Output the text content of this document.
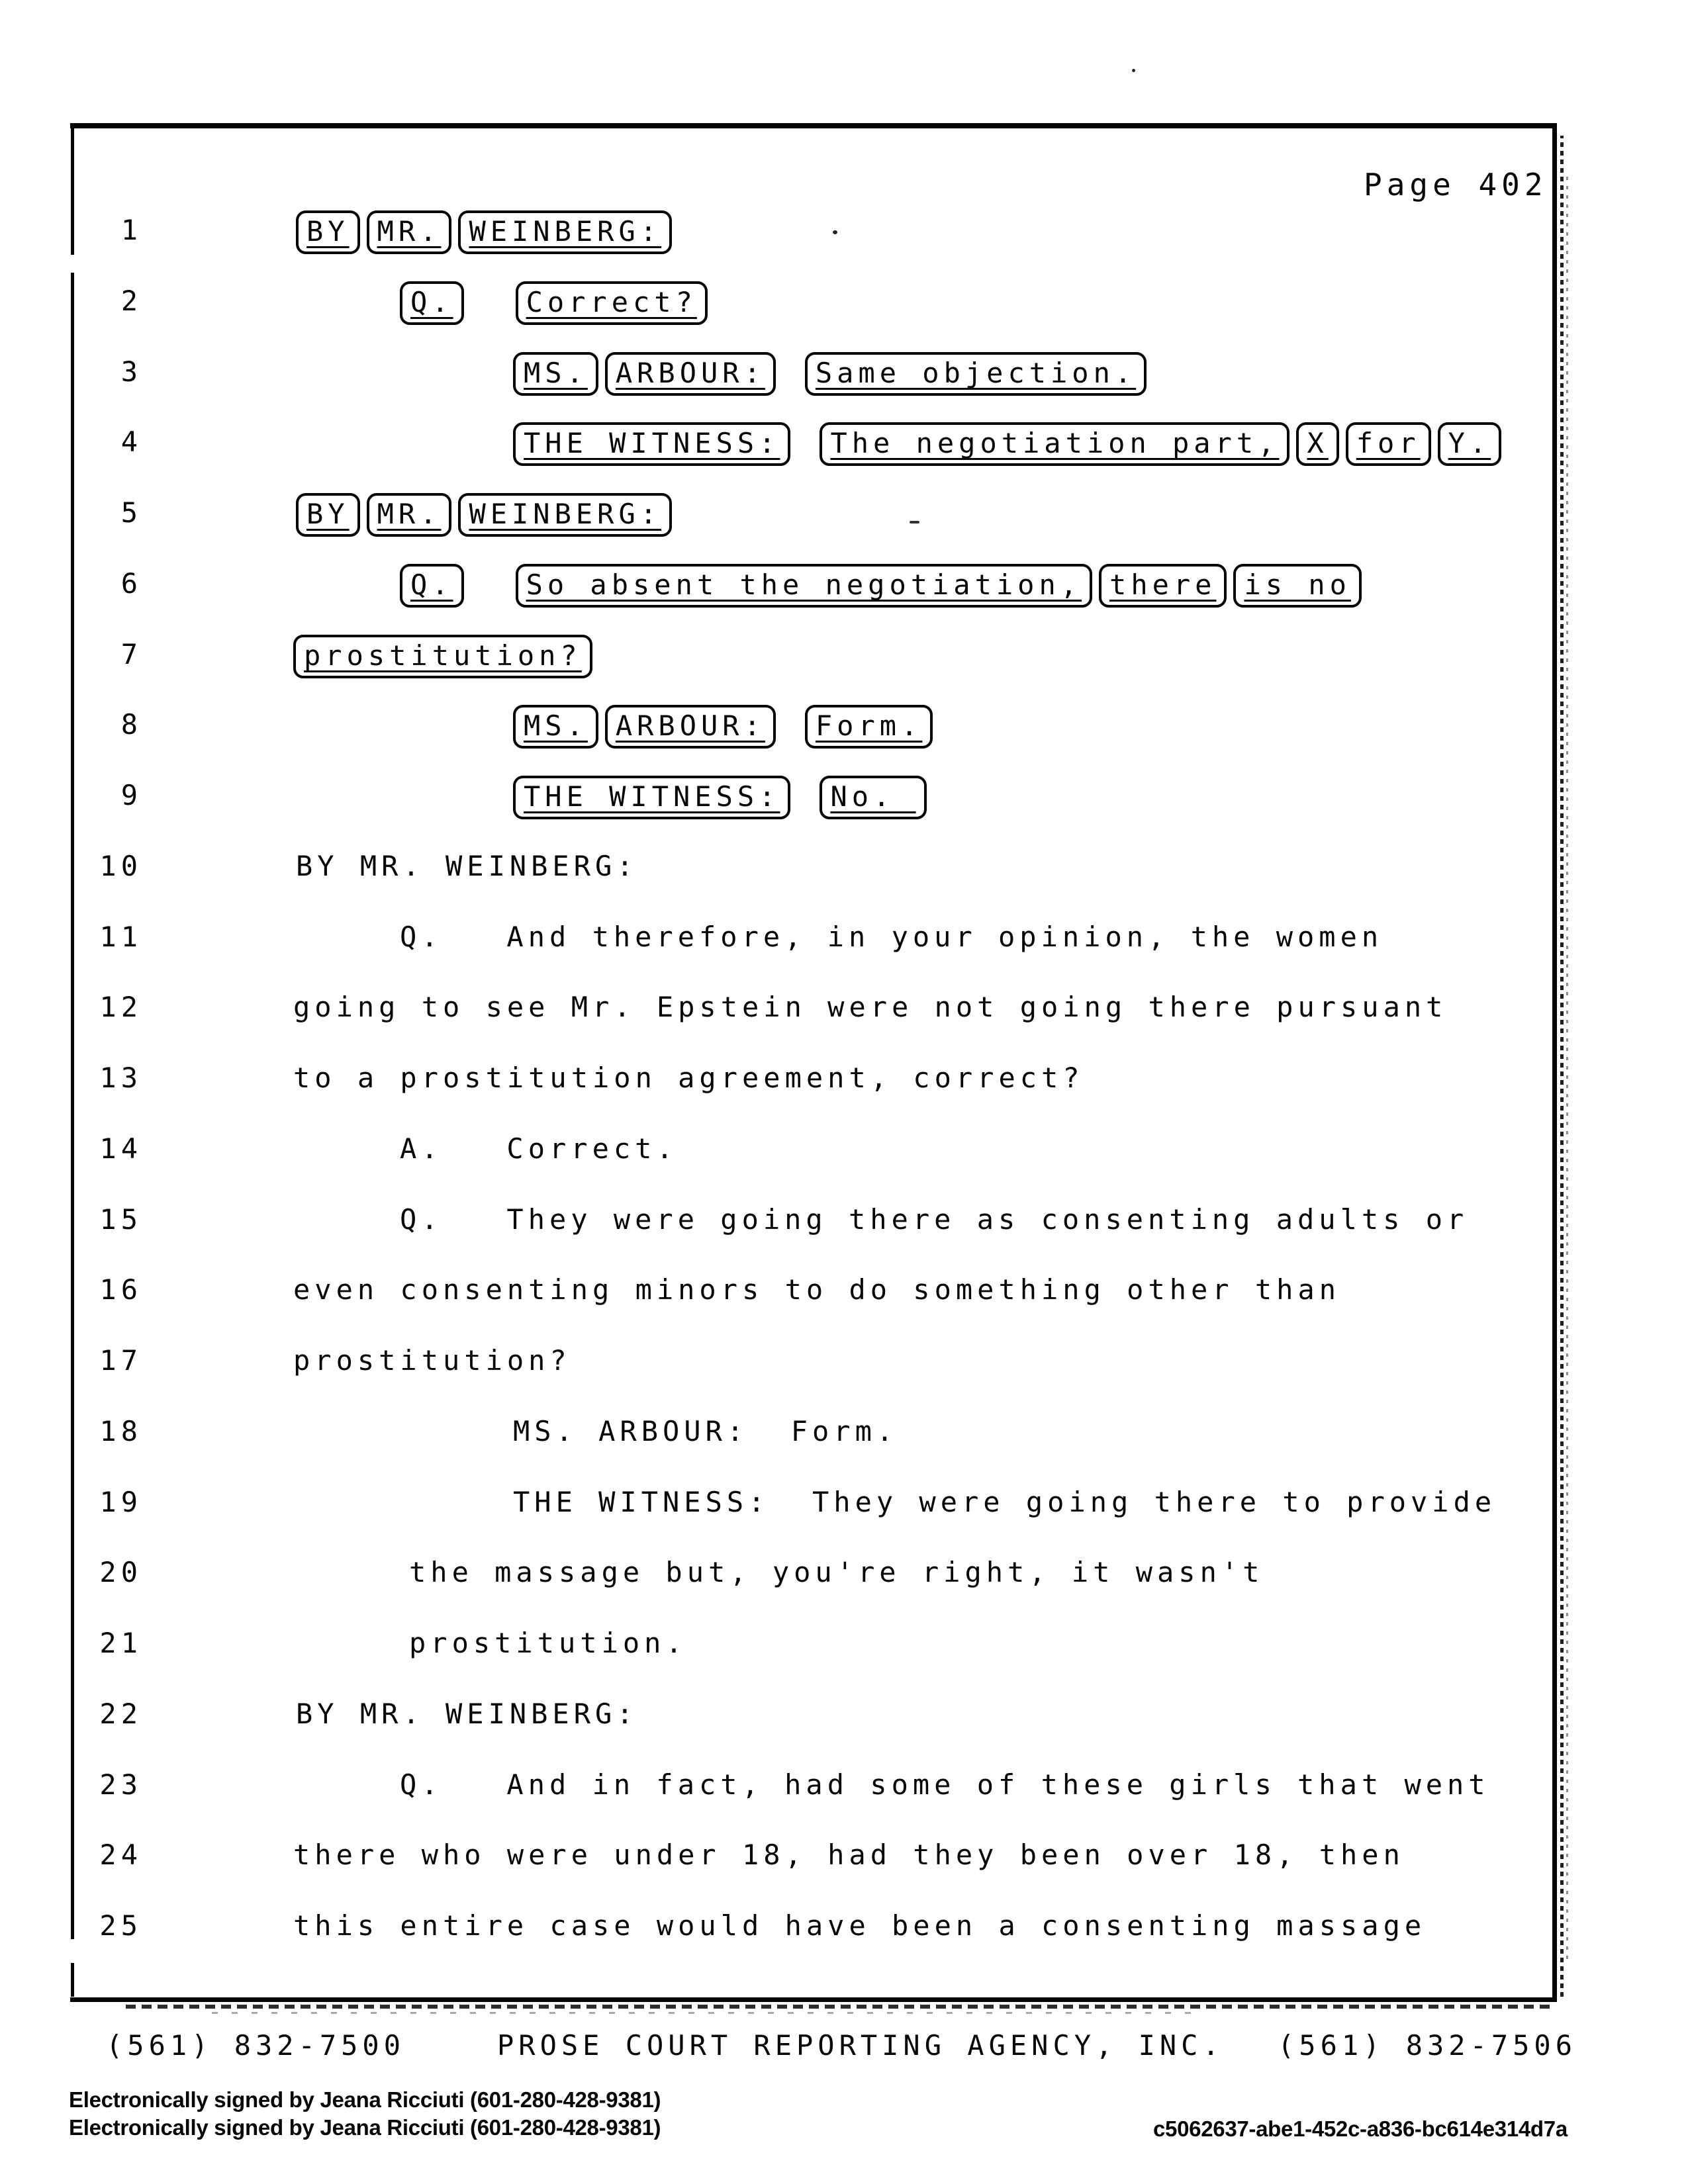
Page 402
1	BY MR. WEINBERG:
2	Q.	Correct?
3	MS. ARBOUR: Same objection.
4	THE WITNESS: The negotiation part, X for Y.
5	BY MR. WEINBERG:
6	Q.	So absent the negotiation, there is no
7	prostitution?
8	MS. ARBOUR: Form.
9	THE WITNESS: No._
10	BY MR. WEINBERG:
11	Q.   And therefore, in your opinion, the women
12	going to see Mr. Epstein were not going there pursuant
13	to a prostitution agreement, correct?
14	A.   Correct.
15	Q.   They were going there as consenting adults or
16	even consenting minors to do something other than
17	prostitution?
18	MS. ARBOUR:  Form.
19	THE WITNESS:  They were going there to provide
20	the massage but, you're right, it wasn't
21	prostitution.
22	BY MR. WEINBERG:
23	Q.   And in fact, had some of these girls that went
24	there who were under 18, had they been over 18, then
25	this entire case would have been a consenting massage
(561) 832-7500	PROSE COURT REPORTING AGENCY, INC. (561) 832-7506
Electronically signed by Jeana Ricciuti (601-280-428-9381)
Electronically signed by Jeana Ricciuti (601-280-428-9381)	c5062637-abe1-452c-a836-bc614e314d7a
